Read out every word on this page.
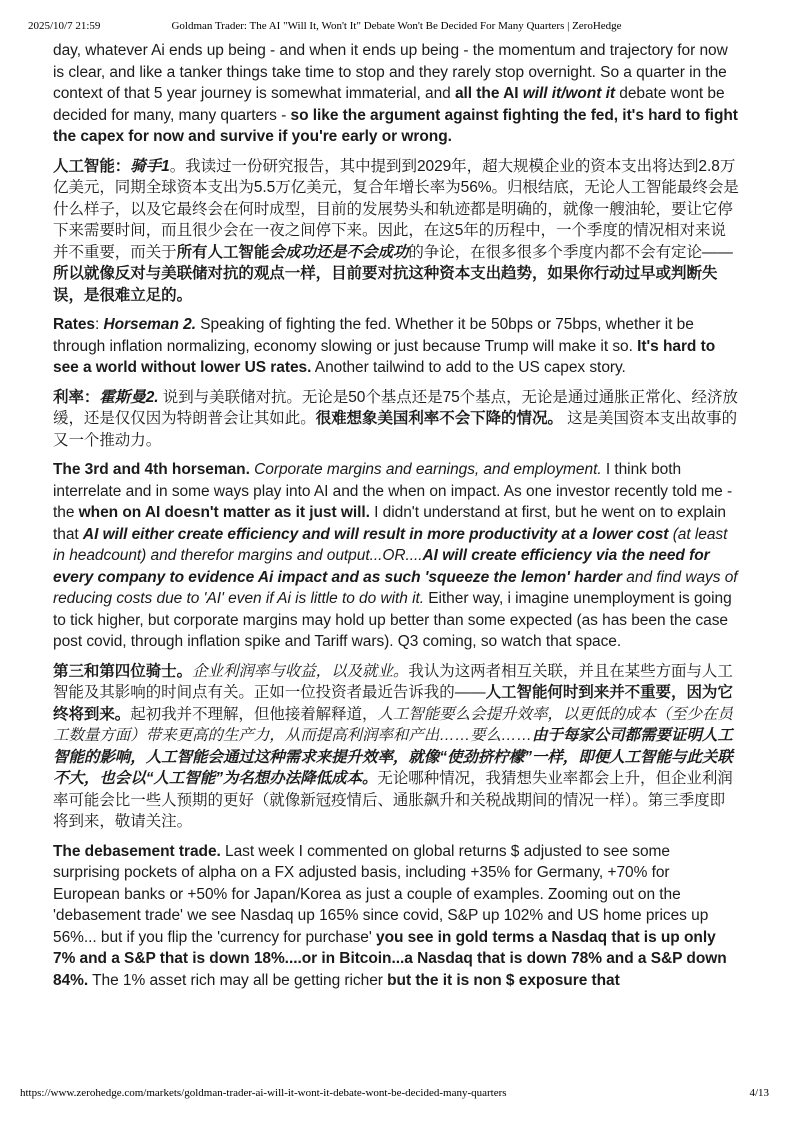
2025/10/7 21:59	Goldman Trader: The AI "Will It, Won't It" Debate Won't Be Decided For Many Quarters | ZeroHedge

day, whatever Ai ends up being - and when it ends up being - the momentum and trajectory for now is clear, and like a tanker things take time to stop and they rarely stop overnight. So a quarter in the context of that 5 year journey is somewhat immaterial, and all the AI will it/wont it debate wont be decided for many, many quarters - so like the argument against fighting the fed, it's hard to fight the capex for now and survive if you're early or wrong.

人工智能：骑手1。我读过一份研究报告，其中提到到2029年，超大规模企业的资本支出将达到2.8万亿美元，同期全球资本支出为5.5万亿美元，复合年增长率为56%。归根结底，无论人工智能最终会是什么样子，以及它最终会在何时成型，目前的发展势头和轨迹都是明确的，就像一艘油轮，要让它停下来需要时间，而且很少会在一夜之间停下来。因此，在这5年的历程中，一个季度的情况相对来说并不重要，而关于所有人工智能会成功还是不会成功的争论，在很多很多个季度内都不会有定论——所以就像反对与美联储对抗的观点一样，目前要对抗这种资本支出趋势，如果你行动过早或判断失误，是很难立足的。

Rates: Horseman 2. Speaking of fighting the fed. Whether it be 50bps or 75bps, whether it be through inflation normalizing, economy slowing or just because Trump will make it so. It's hard to see a world without lower US rates. Another tailwind to add to the US capex story.

利率：霍斯曼2. 说到与美联储对抗。无论是50个基点还是75个基点，无论是通过通胀正常化、经济放缓，还是仅仅因为特朗普会让其如此。很难想象美国利率不会下降的情况。 这是美国资本支出故事的又一个推动力。

The 3rd and 4th horseman. Corporate margins and earnings, and employment. I think both interrelate and in some ways play into AI and the when on impact. As one investor recently told me - the when on AI doesn't matter as it just will. I didn't understand at first, but he went on to explain that AI will either create efficiency and will result in more productivity at a lower cost (at least in headcount) and therefor margins and output...OR....AI will create efficiency via the need for every company to evidence Ai impact and as such 'squeeze the lemon' harder and find ways of reducing costs due to 'AI' even if Ai is little to do with it. Either way, i imagine unemployment is going to tick higher, but corporate margins may hold up better than some expected (as has been the case post covid, through inflation spike and Tariff wars). Q3 coming, so watch that space.

第三和第四位骑士。企业利润率与收益，以及就业。我认为这两者相互关联，并且在某些方面与人工智能及其影响的时间点有关。正如一位投资者最近告诉我的——人工智能何时到来并不重要，因为它终将到来。起初我并不理解，但他接着解释道，人工智能要么会提升效率，以更低的成本（至少在员工数量方面）带来更高的生产力，从而提高利润率和产出……要么……由于每家公司都需要证明人工智能的影响，人工智能会通过这种需求来提升效率，就像“使劲挤柠檬”一样，即便人工智能与此关联不大，也会以“人工智能”为名想办法降低成本。无论哪种情况，我猜想失业率都会上升，但企业利润率可能会比一些人预期的更好（就像新冠疫情后、通胀飙升和关税战期间的情况一样）。第三季度即将到来，敬请关注。

The debasement trade. Last week I commented on global returns $ adjusted to see some surprising pockets of alpha on a FX adjusted basis, including +35% for Germany, +70% for European banks or +50% for Japan/Korea as just a couple of examples. Zooming out on the 'debasement trade' we see Nasdaq up 165% since covid, S&P up 102% and US home prices up 56%... but if you flip the 'currency for purchase' you see in gold terms a Nasdaq that is up only 7% and a S&P that is down 18%....or in Bitcoin...a Nasdaq that is down 78% and a S&P down 84%. The 1% asset rich may all be getting richer but the it is non $ exposure that

https://www.zerohedge.com/markets/goldman-trader-ai-will-it-wont-it-debate-wont-be-decided-many-quarters	4/13
